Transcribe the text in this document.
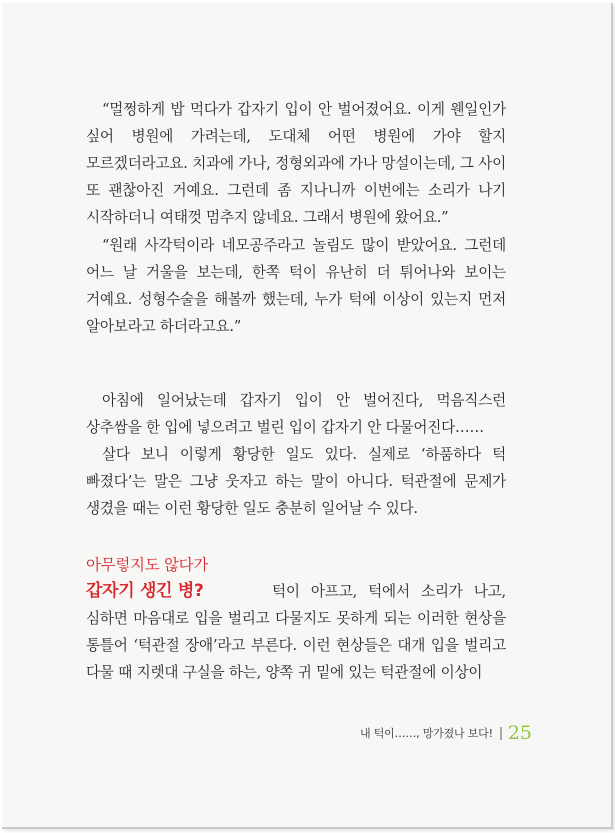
“멀쩡하게 밥 먹다가 갑자기 입이 안 벌어졌어요. 이게 웬일인가 싶어 병원에 가려는데, 도대체 어떤 병원에 가야 할지 모르겠더라고요. 치과에 가나, 정형외과에 가나 망설이는데, 그 사이 또 괜찮아진 거예요. 그런데 좀 지나니까 이번에는 소리가 나기 시작하더니 여태껏 멈추지 않네요. 그래서 병원에 왔어요.”

“원래 사각턱이라 네모공주라고 놀림도 많이 받았어요. 그런데 어느 날 거울을 보는데, 한쪽 턱이 유난히 더 튀어나와 보이는 거예요. 성형수술을 해볼까 했는데, 누가 턱에 이상이 있는지 먼저 알아보라고 하더라고요.”

아침에 일어났는데 갑자기 입이 안 벌어진다, 먹음직스런 상추쌈을 한 입에 넣으려고 벌린 입이 갑자기 안 다물어진다……

살다 보니 이렇게 황당한 일도 있다. 실제로 ‘하품하다 턱 빠졌다’는 말은 그냥 웃자고 하는 말이 아니다. 턱관절에 문제가 생겼을 때는 이런 황당한 일도 충분히 일어날 수 있다.

아무렇지도 않다가
갑자기 생긴 병?	턱이 아프고, 턱에서 소리가 나고, 심하면 마음대로 입을 벌리고 다물지도 못하게 되는 이러한 현상을 통틀어 ‘턱관절 장애’라고 부른다. 이런 현상들은 대개 입을 벌리고 다물 때 지렛대 구실을 하는, 양쪽 귀 밑에 있는 턱관절에 이상이

내 턱이……, 망가졌나 보다! 25
